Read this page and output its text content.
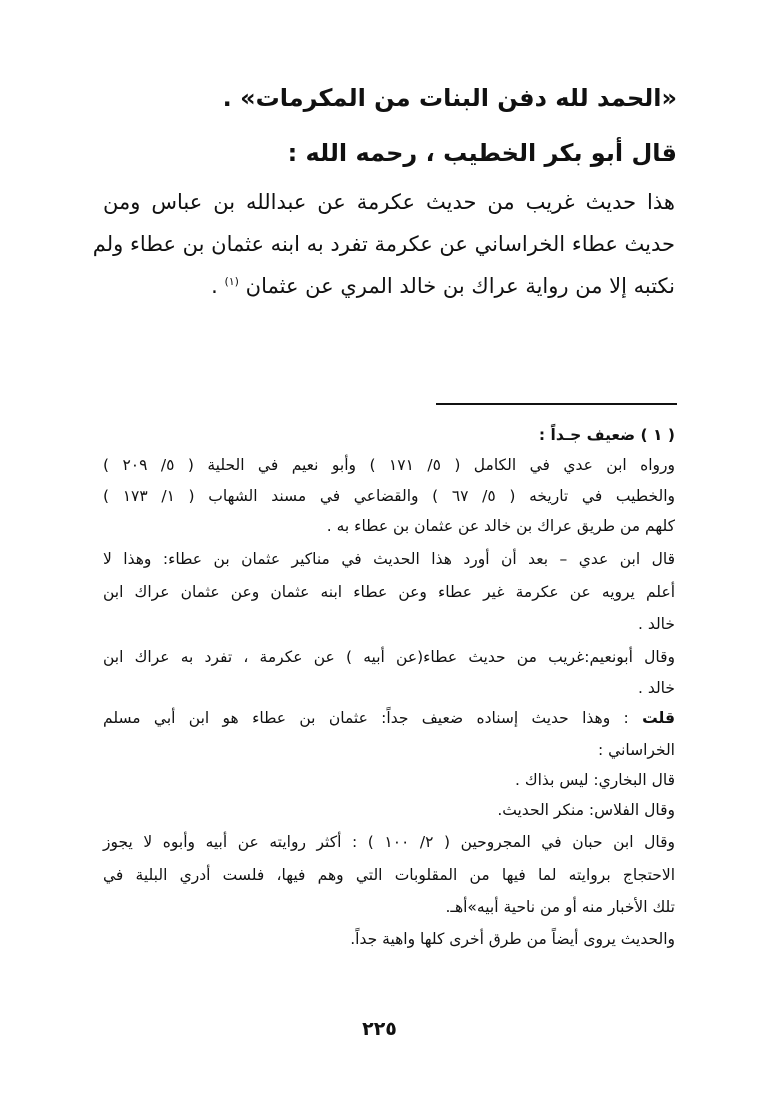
«الحمد لله دفن البنات من المكرمات» .
قال أبو بكر الخطيب ، رحمه الله :
هذا حديث غريب من حديث عكرمة عن عبدالله بن عباس ومن
حديث عطاء الخراساني عن عكرمة تفرد به ابنه عثمان بن عطاء ولم
نكتبه إلا من رواية عراك بن خالد المري عن عثمان $^{(١)}$ .
( ١ ) ضعيف جـداً :
ورواه ابن عدي في الكامل ( ٥/ ١٧١ ) وأبو نعيم في الحلية ( ٥/ ٢٠٩ )
والخطيب في تاريخه ( ٥/ ٦٧ ) والقضاعي في مسند الشهاب ( ١/ ١٧٣ )
كلهم من طريق عراك بن خالد عن عثمان بن عطاء به .
قال ابن عدي – بعد أن أورد هذا الحديث في مناكير عثمان بن عطاء: وهذا لا
أعلم يرويه عن عكرمة غير عطاء وعن عطاء ابنه عثمان وعن عثمان عراك ابن
خالد .
وقال أبونعيم:غريب من حديث عطاء(عن أبيه ) عن عكرمة ، تفرد به عراك ابن
خالد .
قلت : وهذا حديث إسناده ضعيف جداً: عثمان بن عطاء هو ابن أبي مسلم
الخراساني :
قال البخاري: ليس بذاك .
وقال الفلاس: منكر الحديث.
وقال ابن حبان في المجروحين ( ٢/ ١٠٠ ) : أكثر روايته عن أبيه وأبوه لا يجوز
الاحتجاج بروايته لما فيها من المقلوبات التي وهم فيها، فلست أدري البلية في
تلك الأخبار منه أو من ناحية أبيه»أهـ.
والحديث يروى أيضاً من طرق أخرى كلها واهية جداً.
٢٢٥
